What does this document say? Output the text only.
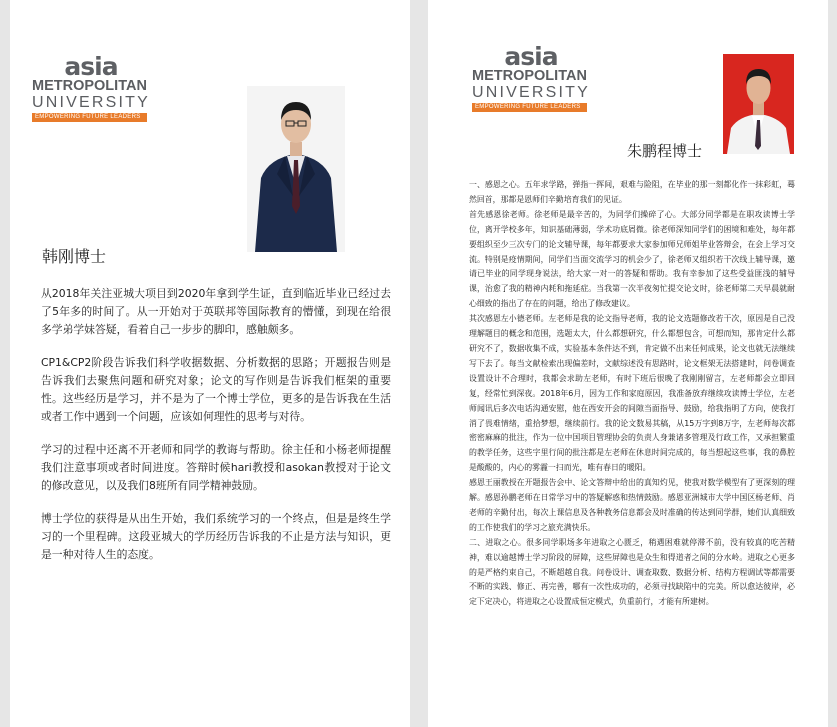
asia
METROPOLITAN
UNIVERSITY
EMPOWERING FUTURE LEADERS
韩刚博士

从2018年关注亚城大项目到2020年拿到学生证，直到临近毕业已经过去了5年多的时间了。从一开始对于英联邦等国际教育的懵懂，到现在给很多学弟学妹答疑，看着自己一步步的脚印，感触颇多。

CP1&CP2阶段告诉我们科学收据数据、分析数据的思路；开题报告则是告诉我们去聚焦问题和研究对象；论文的写作则是告诉我们框架的重要性。这些经历是学习，并不是为了一个博士学位，更多的是告诉我在生活或者工作中遇到一个问题，应该如何理性的思考与对待。

学习的过程中还离不开老师和同学的教诲与帮助。徐主任和小杨老师提醒我们注意事项或者时间进度。答辩时候hari教授和asokan教授对于论文的修改意见，以及我们8班所有同学精神鼓励。

博士学位的获得是从出生开始，我们系统学习的一个终点，但是是终生学习的一个里程碑。这段亚城大的学历经历告诉我的不止是方法与知识，更是一种对待人生的态度。

asia
METROPOLITAN
UNIVERSITY
EMPOWERING FUTURE LEADERS
朱鹏程博士

一、感恩之心。五年求学路，弹指一挥间，艰难与险阻，在毕业的那一刻都化作一抹彩虹，蓦然回首，那都是恩师们辛勤培育我们的见证。

首先感恩徐老师。徐老师是最辛苦的，为同学们操碎了心。大部分同学都是在职攻读博士学位，离开学校多年，知识基础薄弱，学术功底屑微。徐老师深知同学们的困境和难处，每年都要组织至少三次专门的论文辅导课，每年都要求大家参加师兄师姐毕业答辩会，在会上学习交流。特别是疫情期间，同学们当面交流学习的机会少了，徐老师又组织若干次线上辅导课，邀请已毕业的同学现身说法，给大家一对一的答疑和帮助。我有幸参加了这些受益匪浅的辅导课，治愈了我的精神内耗和拖延症。当我第一次半夜匆忙提交论文时，徐老师第二天早晨就耐心细致的指出了存在的问题，给出了修改建议。

其次感恩左小德老师。左老师是我的论文指导老师，我的论文选题修改若干次，原因是自己没理解题目的概念和范围，选题太大，什么都想研究，什么都想包含，可想而知，那肯定什么都研究不了，数据收集不成，实验基本条件达不到，肯定做不出来任何成果，论文也就无法继续写下去了。每当文献检索出现偏差时，文献综述没有思路时，论文框架无法搭建时，问卷调查设置设计不合理时，我都会求助左老师，有时下班后很晚了我刚刚留言，左老师都会立即回复，经常忙到深夜。2018年6月，因为工作和家庭原因，我准备放弃继续攻读博士学位，左老师闻讯后多次电话沟通安慰，他在西安开会的间隙当面指导、鼓励，给我指明了方向，使我打消了畏难情绪，重拾梦想，继续前行。我的论文数易其稿，从15万字到8万字，左老师每次都密密麻麻的批注，作为一位中国项目管理协会的负责人身兼诸多管理及行政工作，又承担繁重的教学任务，这些字里行间的批注都是左老师在休息时间完成的，每当想起这些事，我的鼻腔是酸酸的，内心的雾霾一扫而光，唯有春日的暖阳。

感恩王丽教授在开题报告会中、论文答辩中给出的真知灼见，使我对数学模型有了更深刻的理解。感恩孙鹏老师在日常学习中的答疑解惑和热情鼓励。感恩亚洲城市大学中国区杨老师、肖老师的辛勤付出，每次上课信息及各种教务信息都会及时准确的传达到同学群，她们认真细致的工作使我们的学习之旅充满快乐。

二、进取之心。很多同学职场多年进取之心匮乏，稍遇困难就停滞不前，没有较真的吃苦精神，难以逾越博士学习阶段的屏障，这些屏障也是众生和得道者之间的分水岭。进取之心更多的是严格约束自己，不断超越自我。问卷设计、调查取数、数据分析、结构方程调试等都需要不断的实践、修正、再完善，哪有一次性成功的，必须寻找缺陷中的完美。所以愈达彼岸，必定下定决心，将进取之心设置成恒定模式，负重前行，才能有所建树。
